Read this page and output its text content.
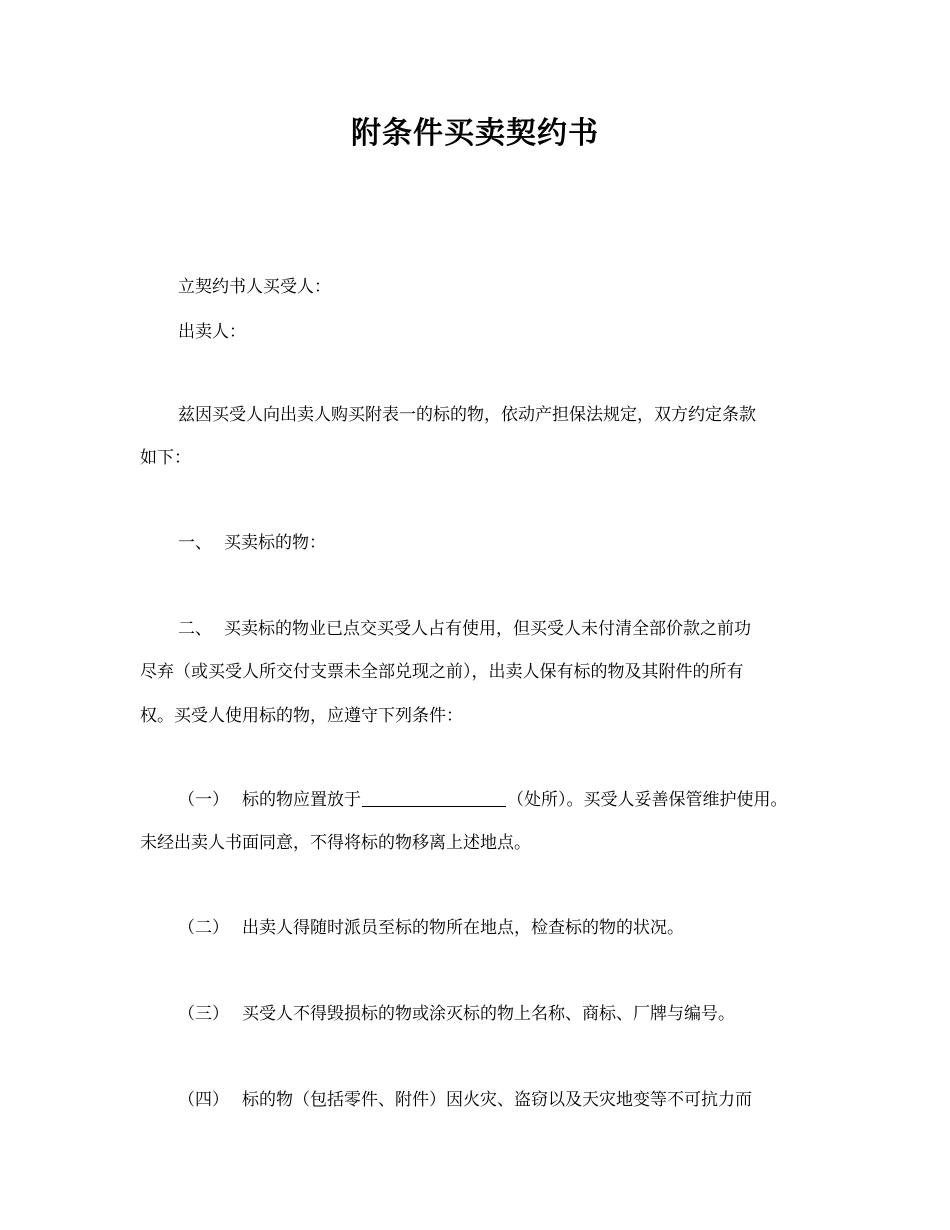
附条件买卖契约书
立契约书人买受人：
出卖人：
兹因买受人向出卖人购买附表一的标的物，依动产担保法规定，双方约定条款
如下：
一、 买卖标的物：
二、 买卖标的物业已点交买受人占有使用，但买受人未付清全部价款之前功
尽弃（或买受人所交付支票未全部兑现之前），出卖人保有标的物及其附件的所有
权。买受人使用标的物，应遵守下列条件：
（一） 标的物应置放于	（处所）。买受人妥善保管维护使用。
未经出卖人书面同意，不得将标的物移离上述地点。
（二） 出卖人得随时派员至标的物所在地点，检查标的物的状况。
（三） 买受人不得毁损标的物或涂灭标的物上名称、商标、厂牌与编号。
（四） 标的物（包括零件、附件）因火灾、盗窃以及天灾地变等不可抗力而
